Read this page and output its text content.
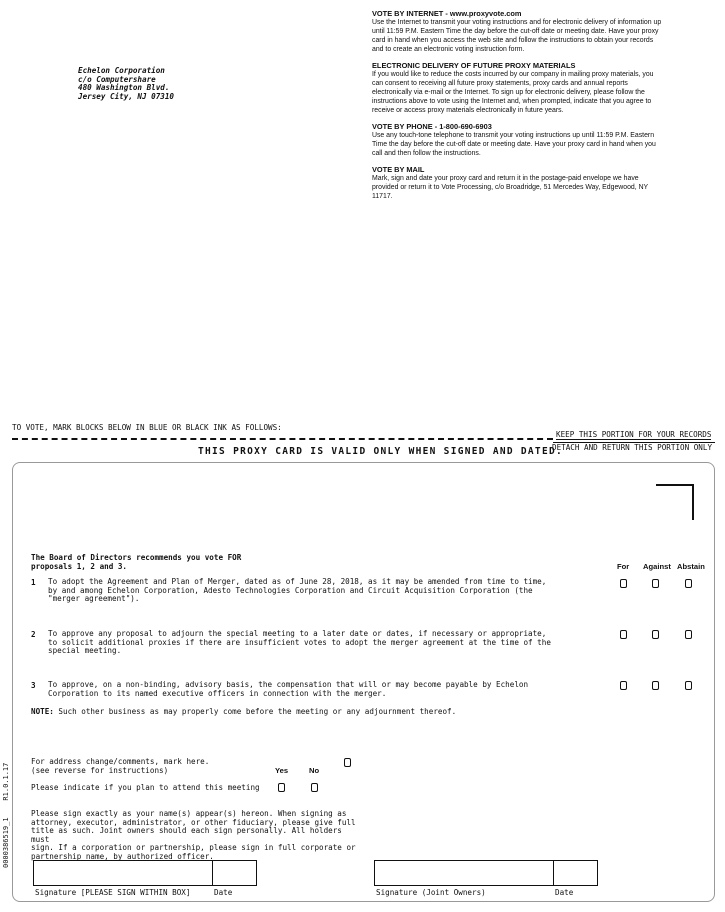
Echelon Corporation
c/o Computershare
480 Washington Blvd.
Jersey City, NJ 07310
VOTE BY INTERNET - www.proxyvote.com
Use the Internet to transmit your voting instructions and for electronic delivery of information up until 11:59 P.M. Eastern Time the day before the cut-off date or meeting date. Have your proxy card in hand when you access the web site and follow the instructions to obtain your records and to create an electronic voting instruction form.
ELECTRONIC DELIVERY OF FUTURE PROXY MATERIALS
If you would like to reduce the costs incurred by our company in mailing proxy materials, you can consent to receiving all future proxy statements, proxy cards and annual reports electronically via e-mail or the Internet. To sign up for electronic delivery, please follow the instructions above to vote using the Internet and, when prompted, indicate that you agree to receive or access proxy materials electronically in future years.
VOTE BY PHONE - 1-800-690-6903
Use any touch-tone telephone to transmit your voting instructions up until 11:59 P.M. Eastern Time the day before the cut-off date or meeting date. Have your proxy card in hand when you call and then follow the instructions.
VOTE BY MAIL
Mark, sign and date your proxy card and return it in the postage-paid envelope we have provided or return it to Vote Processing, c/o Broadridge, 51 Mercedes Way, Edgewood, NY 11717.
TO VOTE, MARK BLOCKS BELOW IN BLUE OR BLACK INK AS FOLLOWS:
KEEP THIS PORTION FOR YOUR RECORDS
THIS PROXY CARD IS VALID ONLY WHEN SIGNED AND DATED.
DETACH AND RETURN THIS PORTION ONLY
The Board of Directors recommends you vote FOR
proposals 1, 2 and 3.	For Against Abstain
1 To adopt the Agreement and Plan of Merger, dated as of June 28, 2018, as it may be amended from time to time,
by and among Echelon Corporation, Adesto Technologies Corporation and Circuit Acquisition Corporation (the
"merger agreement").
2 To approve any proposal to adjourn the special meeting to a later date or dates, if necessary or appropriate,
to solicit additional proxies if there are insufficient votes to adopt the merger agreement at the time of the
special meeting.
3 To approve, on a non-binding, advisory basis, the compensation that will or may become payable by Echelon
Corporation to its named executive officers in connection with the merger.
NOTE: Such other business as may properly come before the meeting or any adjournment thereof.
For address change/comments, mark here.
(see reverse for instructions)	Yes	No
Please indicate if you plan to attend this meeting
Please sign exactly as your name(s) appear(s) hereon. When signing as
attorney, executor, administrator, or other fiduciary, please give full
title as such. Joint owners should each sign personally. All holders must
sign. If a corporation or partnership, please sign in full corporate or
partnership name, by authorized officer.
Signature [PLEASE SIGN WITHIN BOX]	Date	Signature (Joint Owners)	Date
0000386519_1    R1.0.1.17
